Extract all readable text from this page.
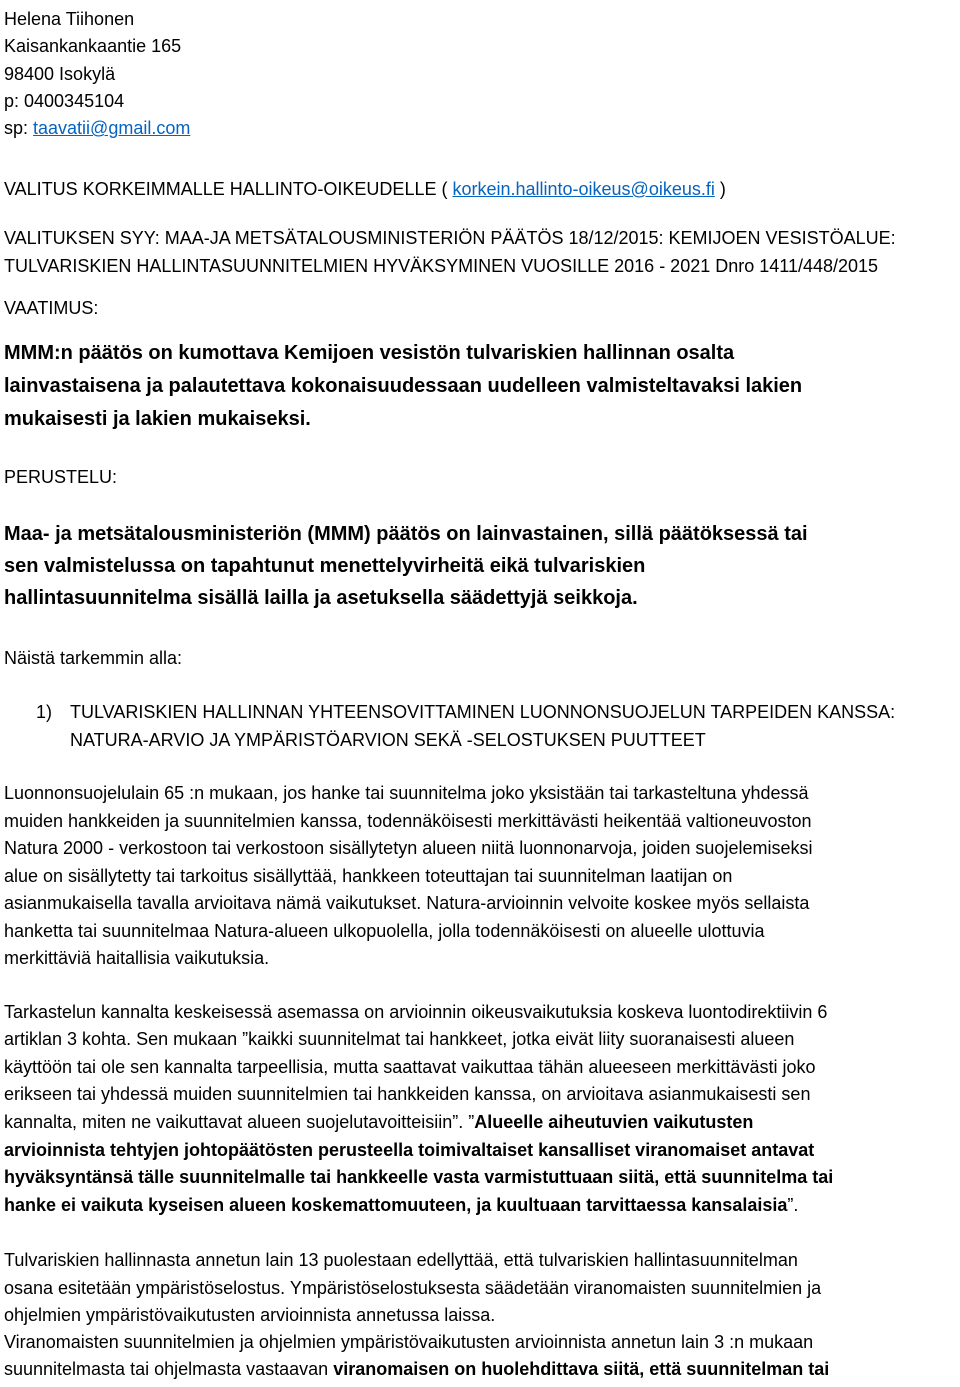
Helena Tiihonen
Kaisankankaantie 165
98400 Isokylä
p: 0400345104
sp: taavatii@gmail.com
VALITUS KORKEIMMALLE HALLINTO-OIKEUDELLE ( korkein.hallinto-oikeus@oikeus.fi )
VALITUKSEN SYY: MAA-JA METSÄTALOUSMINISTERIÖN PÄÄTÖS 18/12/2015: KEMIJOEN VESISTÖALUE:
TULVARISKIEN HALLINTASUUNNITELMIEN HYVÄKSYMINEN VUOSILLE 2016 - 2021 Dnro 1411/448/2015
VAATIMUS:
MMM:n päätös on kumottava Kemijoen vesistön tulvariskien hallinnan osalta
lainvastaisena ja palautettava kokonaisuudessaan uudelleen valmisteltavaksi lakien
mukaisesti ja lakien mukaiseksi.
PERUSTELU:
Maa- ja metsätalousministeriön (MMM) päätös on lainvastainen, sillä päätöksessä tai
sen valmistelussa on tapahtunut menettelyvirheitä eikä tulvariskien
hallintasuunnitelma sisällä lailla ja asetuksella säädettyjä seikkoja.
Näistä tarkemmin alla:
1) TULVARISKIEN HALLINNAN YHTEENSOVITTAMINEN LUONNONSUOJELUN TARPEIDEN KANSSA:
NATURA-ARVIO JA YMPÄRISTÖARVION SEKÄ -SELOSTUKSEN PUUTTEET
Luonnonsuojelulain 65 :n mukaan, jos hanke tai suunnitelma joko yksistään tai tarkasteltuna yhdessä
muiden hankkeiden ja suunnitelmien kanssa, todennäköisesti merkittävästi heikentää valtioneuvoston
Natura 2000 - verkostoon tai verkostoon sisällytetyn alueen niitä luonnonarvoja, joiden suojelemiseksi
alue on sisällytetty tai tarkoitus sisällyttää, hankkeen toteuttajan tai suunnitelman laatijan on
asianmukaisella tavalla arvioitava nämä vaikutukset. Natura-arvioinnin velvoite koskee myös sellaista
hanketta tai suunnitelmaa Natura-alueen ulkopuolella, jolla todennäköisesti on alueelle ulottuvia
merkittäviä haitallisia vaikutuksia.
Tarkastelun kannalta keskeisessä asemassa on arvioinnin oikeusvaikutuksia koskeva luontodirektiivin 6
artiklan 3 kohta. Sen mukaan ”kaikki suunnitelmat tai hankkeet, jotka eivät liity suoranaisesti alueen
käyttöön tai ole sen kannalta tarpeellisia, mutta saattavat vaikuttaa tähän alueeseen merkittävästi joko
erikseen tai yhdessä muiden suunnitelmien tai hankkeiden kanssa, on arvioitava asianmukaisesti sen
kannalta, miten ne vaikuttavat alueen suojelutavoitteisiin”. ”Alueelle aiheutuvien vaikutusten
arvioinnista tehtyjen johtopäätösten perusteella toimivaltaiset kansalliset viranomaiset antavat
hyväksyntänsä tälle suunnitelmalle tai hankkeelle vasta varmistuttuaan siitä, että suunnitelma tai
hanke ei vaikuta kyseisen alueen koskemattomuuteen, ja kuultuaan tarvittaessa kansalaisia”.
Tulvariskien hallinnasta annetun lain 13 puolestaan edellyttää, että tulvariskien hallintasuunnitelman
osana esitetään ympäristöselostus. Ympäristöselostuksesta säädetään viranomaisten suunnitelmien ja
ohjelmien ympäristövaikutusten arvioinnista annetussa laissa.
Viranomaisten suunnitelmien ja ohjelmien ympäristövaikutusten arvioinnista annetun lain 3 :n mukaan
suunnitelmasta tai ohjelmasta vastaavan viranomaisen on huolehdittava siitä, että suunnitelman tai
